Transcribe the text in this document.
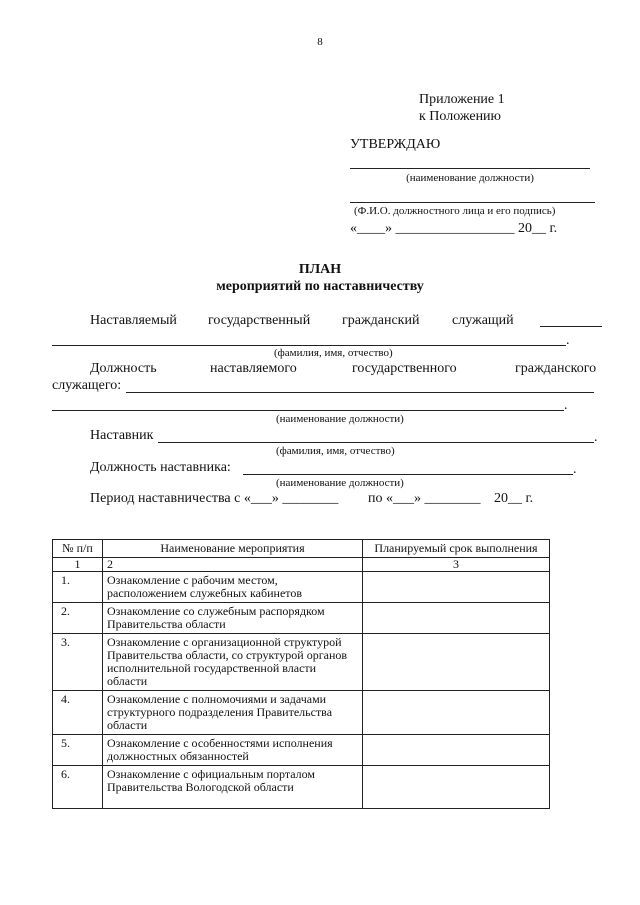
8
Приложение 1
к Положению
УТВЕРЖДАЮ
(наименование должности)
(Ф.И.О. должностного лица и его подпись)
«____» _________________ 20__ г.
ПЛАН
мероприятий по наставничеству
Наставляемый государственный гражданский служащий
.
(фамилия, имя, отчество)
Должность	наставляемого	государственного	гражданского
служащего:
.
(наименование должности)
Наставник	.
(фамилия, имя, отчество)
Должность наставника:	.
(наименование должности)
Период наставничества с «___» ________ по «___» ________ 20__ г.
№ п/п	Наименование мероприятия	Планируемый срок выполнения
1	2	3
1.	Ознакомление с рабочим местом, расположением служебных кабинетов	
2.	Ознакомление со служебным распорядком Правительства области	
3.	Ознакомление с организационной структурой Правительства области, со структурой органов исполнительной государственной власти области	
4.	Ознакомление с полномочиями и задачами структурного подразделения Правительства области	
5.	Ознакомление с особенностями исполнения должностных обязанностей	
6.	Ознакомление с официальным порталом Правительства Вологодской области	
